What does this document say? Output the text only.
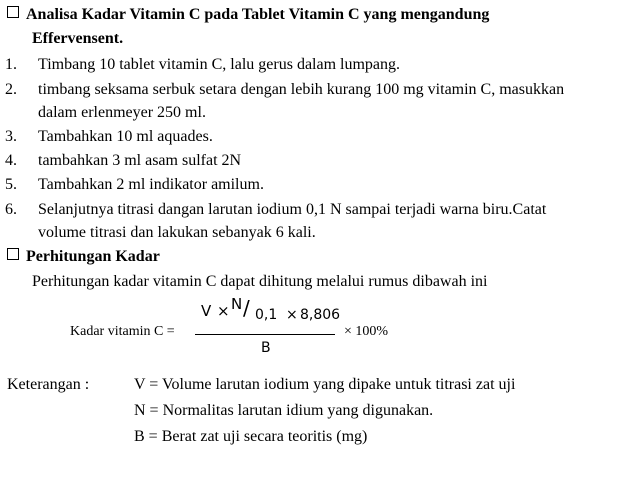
Analisa Kadar Vitamin C pada Tablet Vitamin C yang mengandung
Effervensent.
1. Timbang 10 tablet vitamin C, lalu gerus dalam lumpang.
2. timbang seksama serbuk setara dengan lebih kurang 100 mg vitamin C, masukkan
dalam erlenmeyer 250 ml.
3. Tambahkan 10 ml aquades.
4. tambahkan 3 ml asam sulfat 2N
5. Tambahkan 2 ml indikator amilum.
6. Selanjutnya titrasi dangan larutan iodium 0,1 N sampai terjadi warna biru.Catat
volume titrasi dan lakukan sebanyak 6 kali.
Perhitungan Kadar
Perhitungan kadar vitamin C dapat dihitung melalui rumus dibawah ini
Kadar vitamin C =
V × N / 0,1 × 8,806
B
× 100%
Keterangan :	V = Volume larutan iodium yang dipake untuk titrasi zat uji
N = Normalitas larutan idium yang digunakan.
B = Berat zat uji secara teoritis (mg)
